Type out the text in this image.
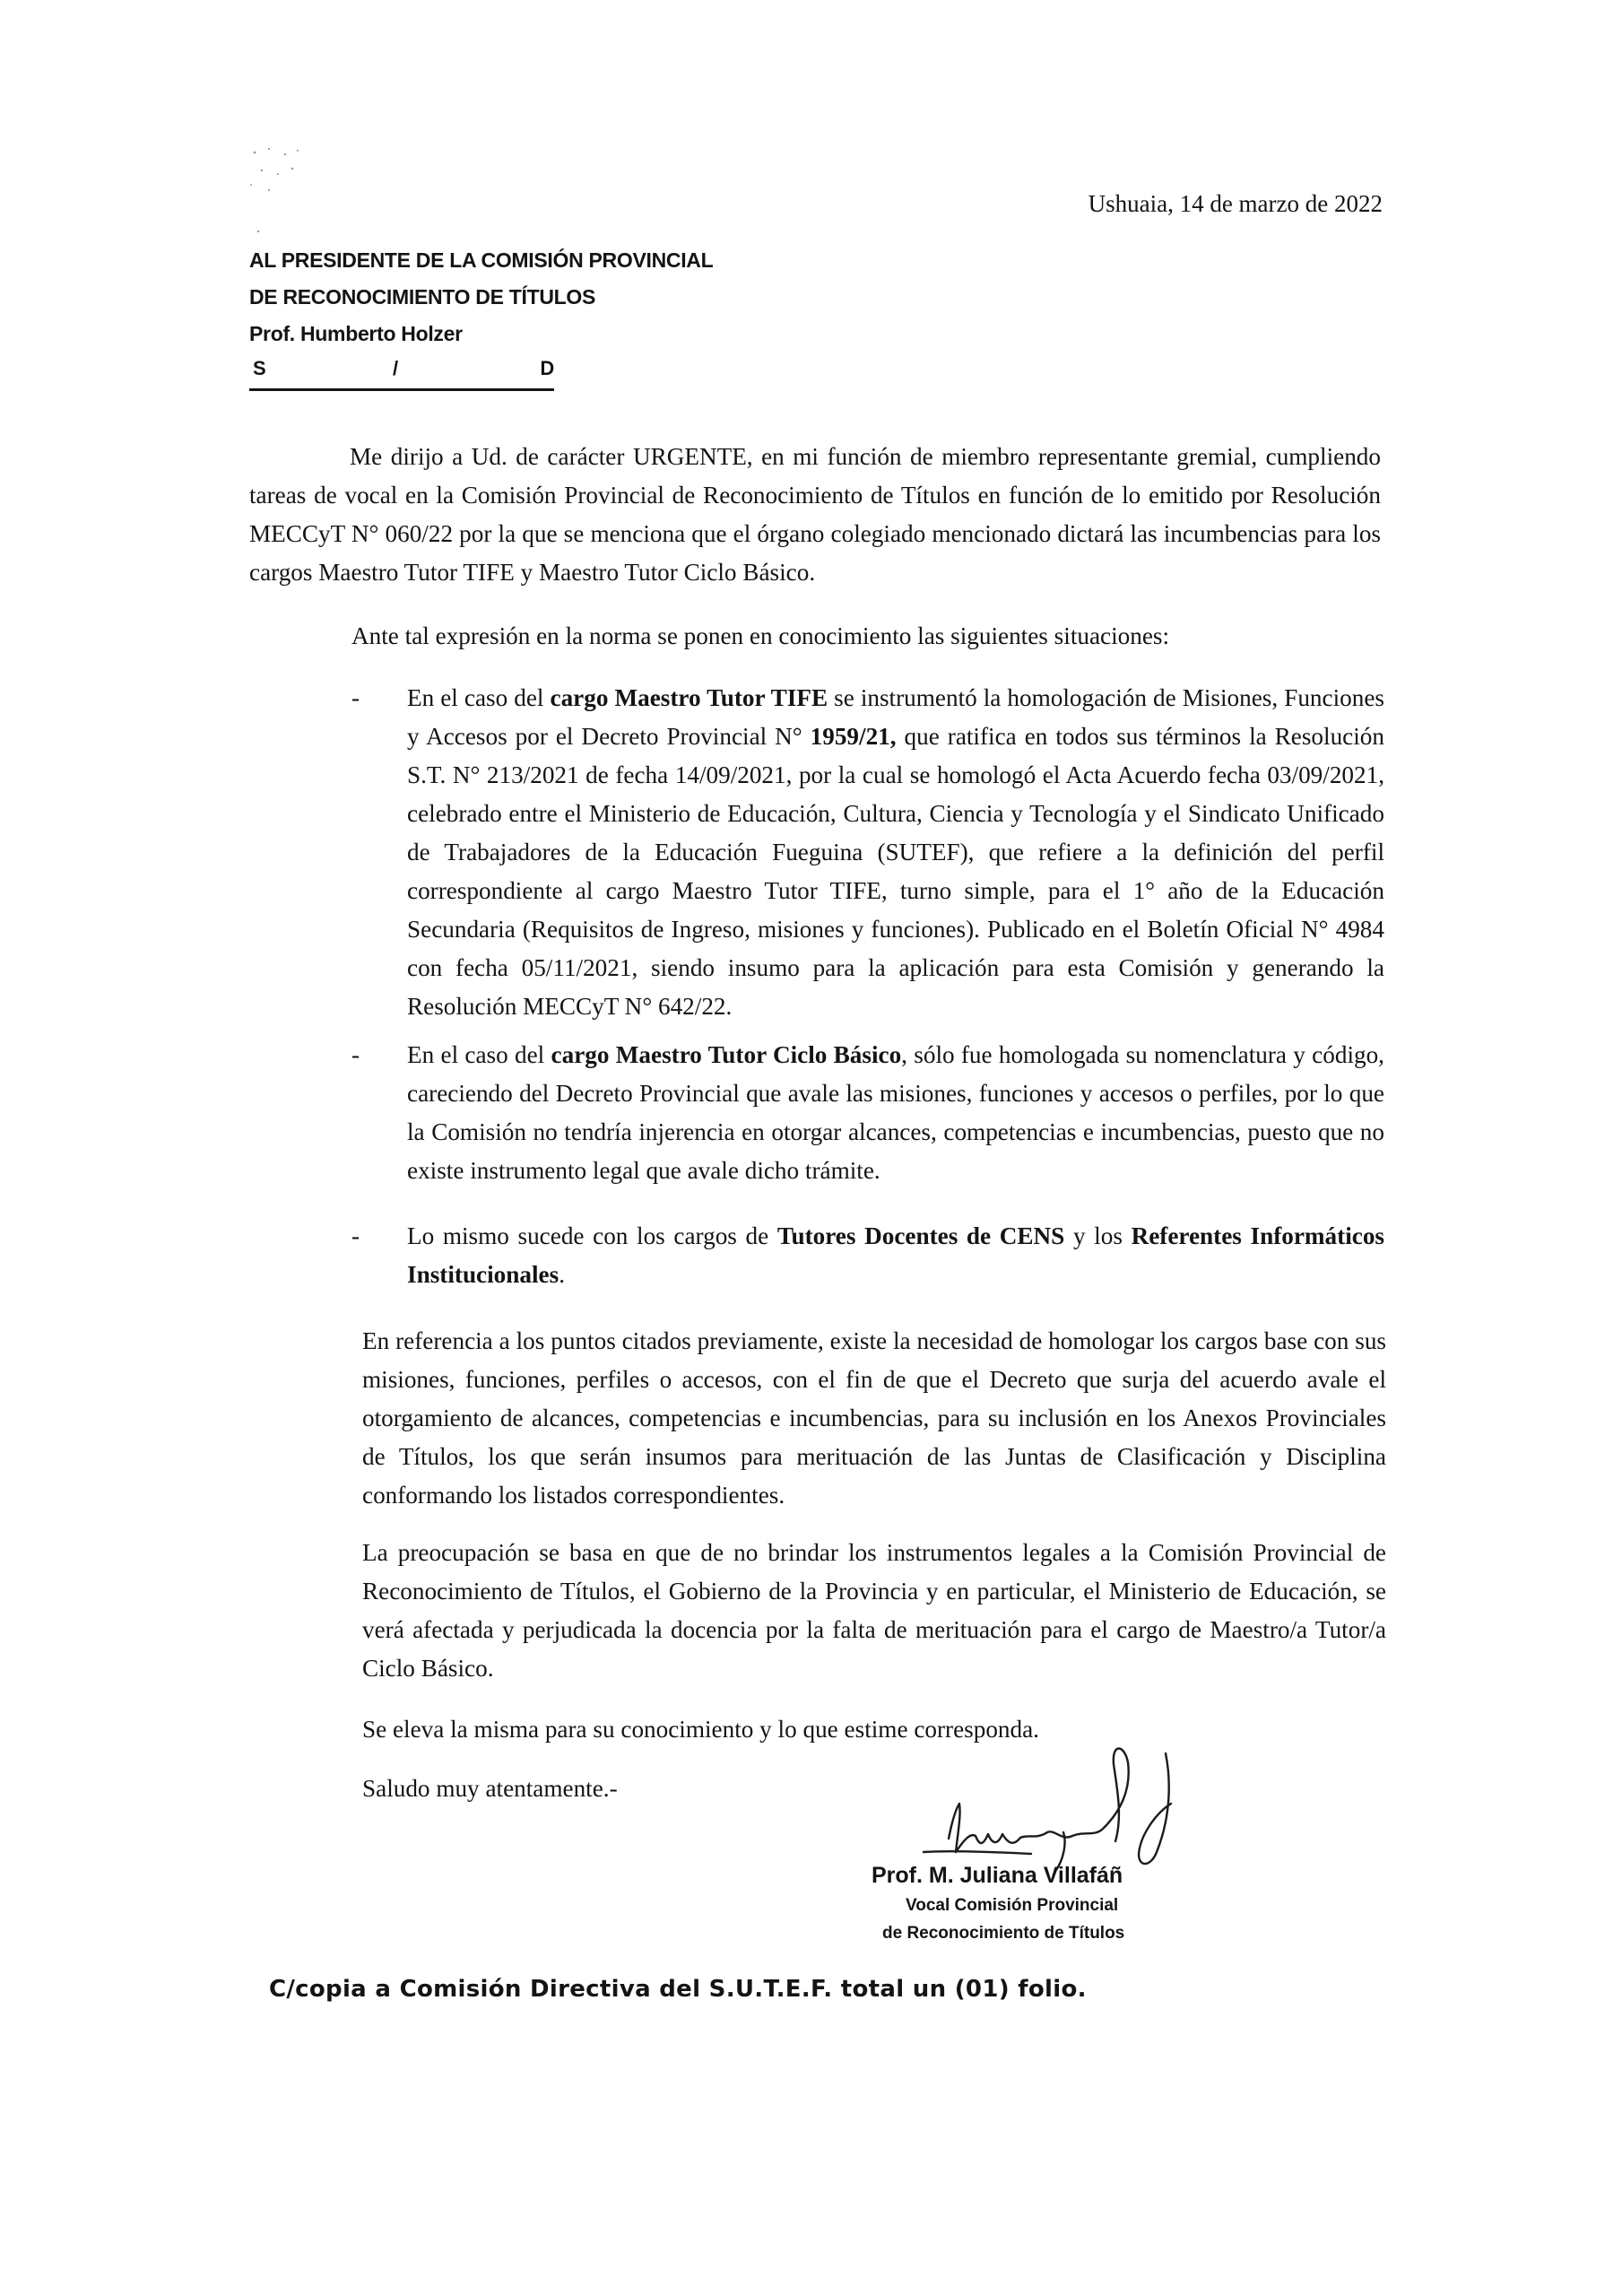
Ushuaia, 14 de marzo de 2022
AL PRESIDENTE DE LA COMISIÓN PROVINCIAL
DE RECONOCIMIENTO DE TÍTULOS
Prof. Humberto Holzer
S	/	D
Me dirijo a Ud. de carácter URGENTE, en mi función de miembro representante gremial, cumpliendo tareas de vocal en la Comisión Provincial de Reconocimiento de Títulos en función de lo emitido por Resolución MECCyT N° 060/22 por la que se menciona que el órgano colegiado mencionado dictará las incumbencias para los cargos Maestro Tutor TIFE y Maestro Tutor Ciclo Básico.
Ante tal expresión en la norma se ponen en conocimiento las siguientes situaciones:
- En el caso del cargo Maestro Tutor TIFE se instrumentó la homologación de Misiones, Funciones y Accesos por el Decreto Provincial N° 1959/21, que ratifica en todos sus términos la Resolución S.T. N° 213/2021 de fecha 14/09/2021, por la cual se homologó el Acta Acuerdo fecha 03/09/2021, celebrado entre el Ministerio de Educación, Cultura, Ciencia y Tecnología y el Sindicato Unificado de Trabajadores de la Educación Fueguina (SUTEF), que refiere a la definición del perfil correspondiente al cargo Maestro Tutor TIFE, turno simple, para el 1° año de la Educación Secundaria (Requisitos de Ingreso, misiones y funciones). Publicado en el Boletín Oficial N° 4984 con fecha 05/11/2021, siendo insumo para la aplicación para esta Comisión y generando la Resolución MECCyT N° 642/22.
- En el caso del cargo Maestro Tutor Ciclo Básico, sólo fue homologada su nomenclatura y código, careciendo del Decreto Provincial que avale las misiones, funciones y accesos o perfiles, por lo que la Comisión no tendría injerencia en otorgar alcances, competencias e incumbencias, puesto que no existe instrumento legal que avale dicho trámite.
- Lo mismo sucede con los cargos de Tutores Docentes de CENS y los Referentes Informáticos Institucionales.
En referencia a los puntos citados previamente, existe la necesidad de homologar los cargos base con sus misiones, funciones, perfiles o accesos, con el fin de que el Decreto que surja del acuerdo avale el otorgamiento de alcances, competencias e incumbencias, para su inclusión en los Anexos Provinciales de Títulos, los que serán insumos para merituación de las Juntas de Clasificación y Disciplina conformando los listados correspondientes.
La preocupación se basa en que de no brindar los instrumentos legales a la Comisión Provincial de Reconocimiento de Títulos, el Gobierno de la Provincia y en particular, el Ministerio de Educación, se verá afectada y perjudicada la docencia por la falta de merituación para el cargo de Maestro/a Tutor/a Ciclo Básico.
Se eleva la misma para su conocimiento y lo que estime corresponda.
Saludo muy atentamente.-
Prof. M. Juliana Villafáñ
Vocal Comisión Provincial
de Reconocimiento de Títulos
C/copia a Comisión Directiva del S.U.T.E.F. total un (01) folio.
